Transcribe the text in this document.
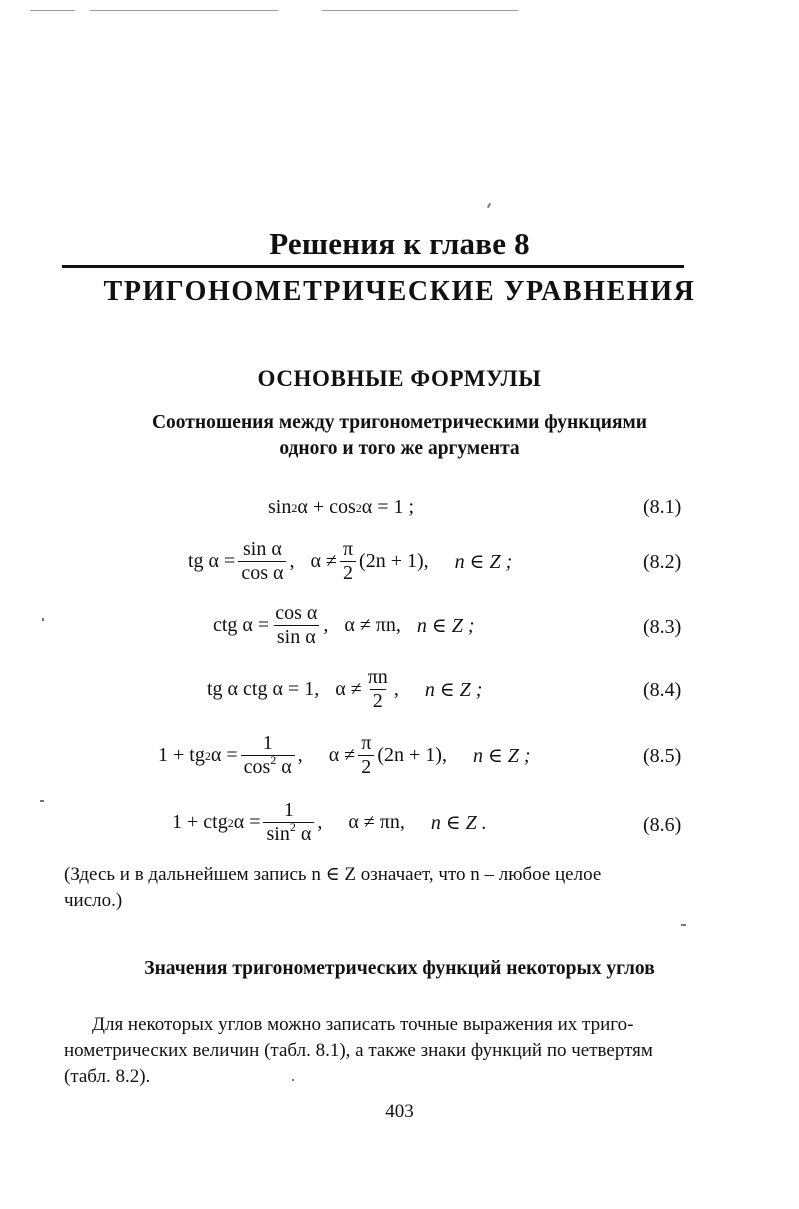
Решения к главе 8
ТРИГОНОМЕТРИЧЕСКИЕ УРАВНЕНИЯ
ОСНОВНЫЕ ФОРМУЛЫ
Соотношения между тригонометрическими функциями
одного и того же аргумента
sin 2 α + cos 2 α = 1 ;	(8.1)
tg $\alpha = \frac{\text{sin α}}{\text{cos α}}$ , $\alpha \ne \frac{\pi}{2} (2n + 1)$, n ∈ Z ;	(8.2)
ctg $\alpha = \frac{\text{cos α}}{\text{sin α}}$ , α ≠ πn, n ∈ Z ;	(8.3)
tg α ctg α = 1, $\alpha \ne \frac{\pi n}{2}$ , n ∈ Z ;	(8.4)
1 + tg 2 $\alpha = \frac{1}{\cos^2 \alpha}$ , $\alpha \ne \frac{\pi}{2} (2n + 1)$, n ∈ Z ;	(8.5)
1 + ctg 2 $\alpha = \frac{1}{\sin^2 \alpha}$ , α ≠ πn, n ∈ Z .	(8.6)
(Здесь и в дальнейшем запись n ∈ Z означает, что n – любое целое
число.)
Значения тригонометрических функций некоторых углов
Для некоторых углов можно записать точные выражения их триго-
нометрических величин (табл. 8.1), а также знаки функций по четвертям
(табл. 8.2).
403
